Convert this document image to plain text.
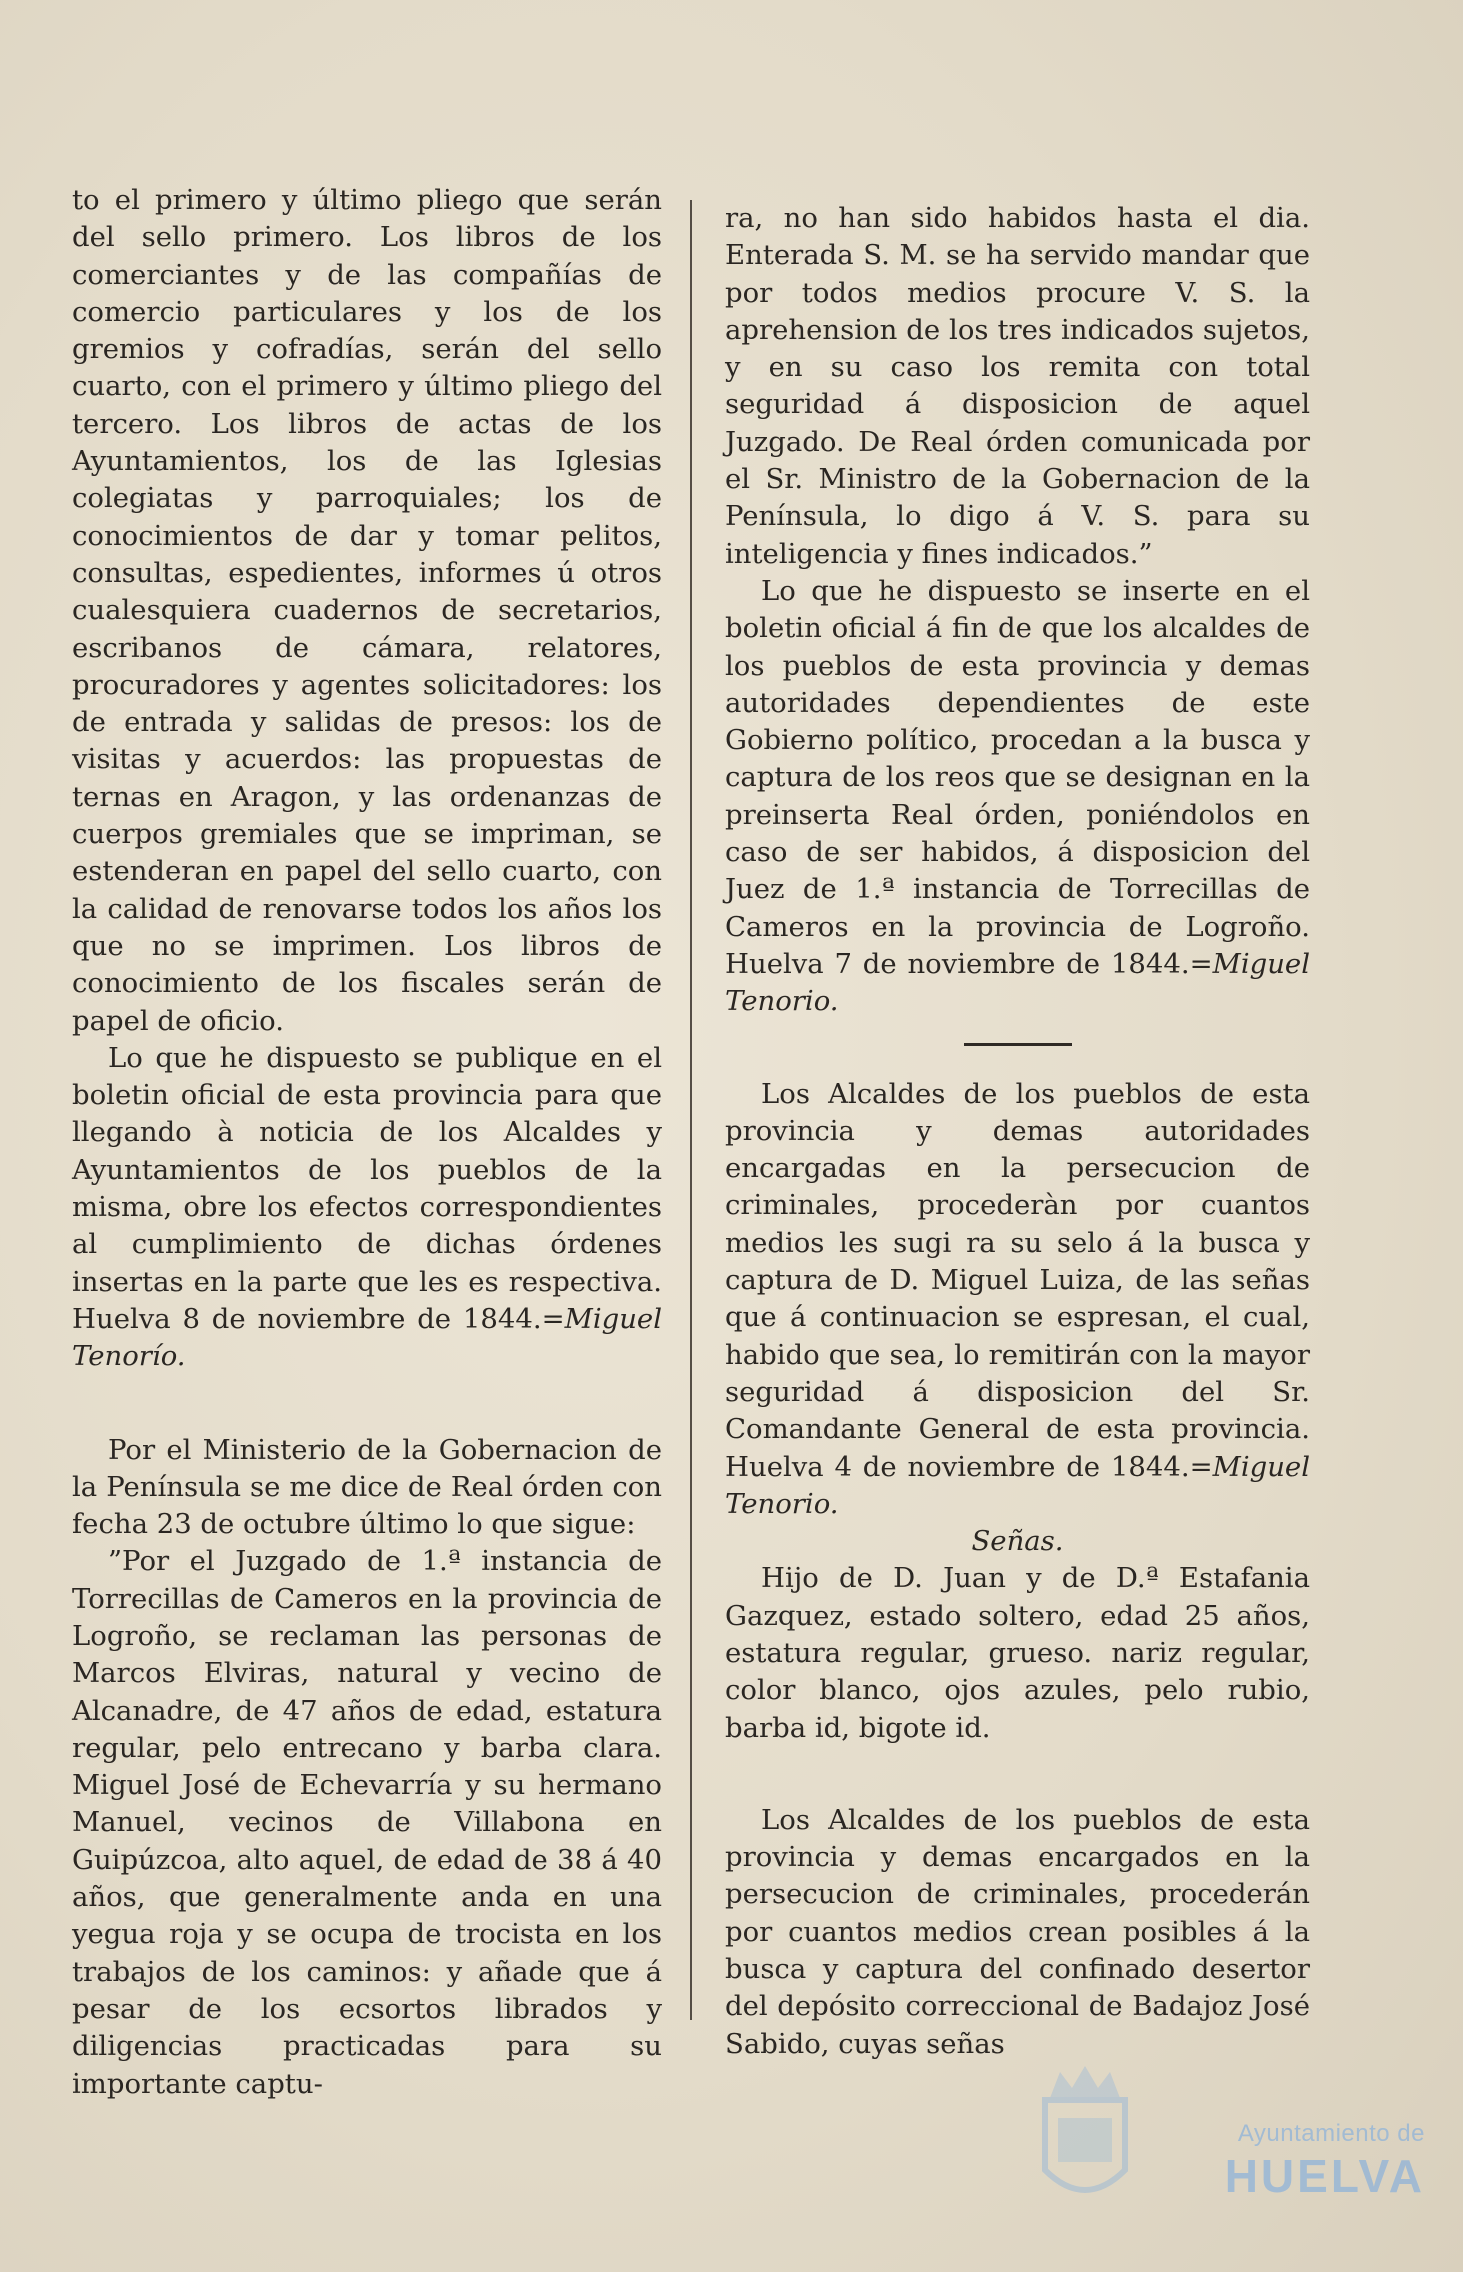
to el primero y último pliego que serán del sello primero. Los libros de los comerciantes y de las compañías de comercio particulares y los de los gremios y cofradías, serán del sello cuarto, con el primero y último pliego del tercero. Los libros de actas de los Ayuntamientos, los de las Iglesias colegiatas y parroquiales; los de conocimientos de dar y tomar pelitos, consultas, espedientes, informes ú otros cualesquiera cuadernos de secretarios, escribanos de cámara, relatores, procuradores y agentes solicitadores: los de entrada y salidas de presos: los de visitas y acuerdos: las propuestas de ternas en Aragon, y las ordenanzas de cuerpos gremiales que se impriman, se estenderan en papel del sello cuarto, con la calidad de renovarse todos los años los que no se imprimen. Los libros de conocimiento de los fiscales serán de papel de oficio.

Lo que he dispuesto se publique en el boletin oficial de esta provincia para que llegando à noticia de los Alcaldes y Ayuntamientos de los pueblos de la misma, obre los efectos correspondientes al cumplimiento de dichas órdenes insertas en la parte que les es respectiva. Huelva 8 de noviembre de 1844.=Miguel Tenorío.

Por el Ministerio de la Gobernacion de la Península se me dice de Real órden con fecha 23 de octubre último lo que sigue:

”Por el Juzgado de 1.ª instancia de Torrecillas de Cameros en la provincia de Logroño, se reclaman las personas de Marcos Elviras, natural y vecino de Alcanadre, de 47 años de edad, estatura regular, pelo entrecano y barba clara. Miguel José de Echevarría y su hermano Manuel, vecinos de Villabona en Guipúzcoa, alto aquel, de edad de 38 á 40 años, que generalmente anda en una yegua roja y se ocupa de trocista en los trabajos de los caminos: y añade que á pesar de los ecsortos librados y diligencias practicadas para su importante captu-

ra, no han sido habidos hasta el dia. Enterada S. M. se ha servido mandar que por todos medios procure V. S. la aprehension de los tres indicados sujetos, y en su caso los remita con total seguridad á disposicion de aquel Juzgado. De Real órden comunicada por el Sr. Ministro de la Gobernacion de la Península, lo digo á V. S. para su inteligencia y fines indicados.”

Lo que he dispuesto se inserte en el boletin oficial á fin de que los alcaldes de los pueblos de esta provincia y demas autoridades dependientes de este Gobierno político, procedan a la busca y captura de los reos que se designan en la preinserta Real órden, poniéndolos en caso de ser habidos, á disposicion del Juez de 1.ª instancia de Torrecillas de Cameros en la provincia de Logroño. Huelva 7 de noviembre de 1844.=Miguel Tenorio.

Los Alcaldes de los pueblos de esta provincia y demas autoridades encargadas en la persecucion de criminales, procederàn por cuantos medios les sugi ra su selo á la busca y captura de D. Miguel Luiza, de las señas que á continuacion se espresan, el cual, habido que sea, lo remitirán con la mayor seguridad á disposicion del Sr. Comandante General de esta provincia. Huelva 4 de noviembre de 1844.=Miguel Tenorio.

Señas.

Hijo de D. Juan y de D.ª Estafania Gazquez, estado soltero, edad 25 años, estatura regular, grueso. nariz regular, color blanco, ojos azules, pelo rubio, barba id, bigote id.

Los Alcaldes de los pueblos de esta provincia y demas encargados en la persecucion de criminales, procederán por cuantos medios crean posibles á la busca y captura del confinado desertor del depósito correccional de Badajoz José Sabido, cuyas señas

Ayuntamiento de
HUELVA
